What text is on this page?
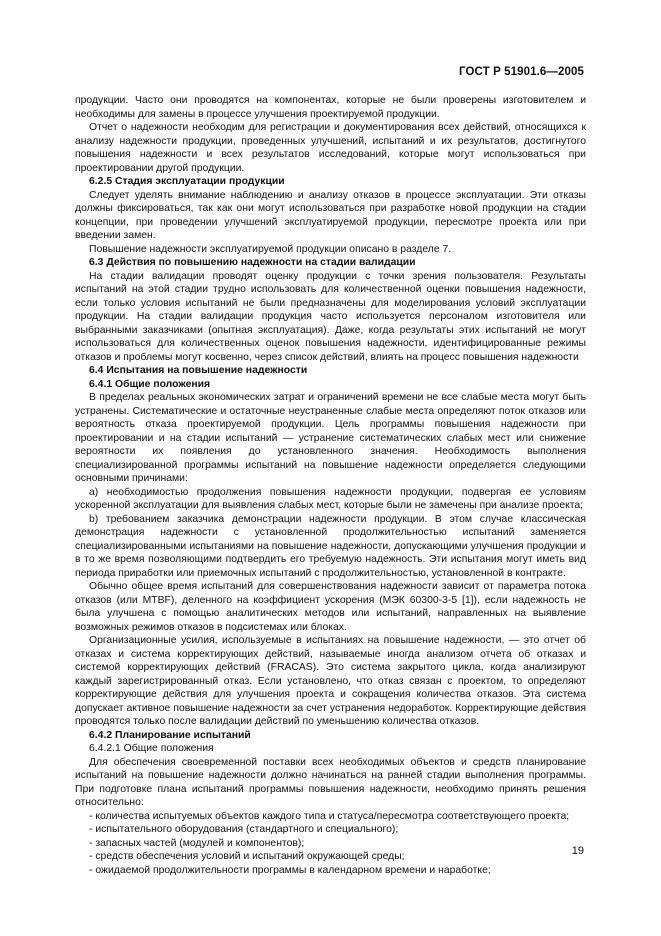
ГОСТ Р 51901.6—2005

продукции. Часто они проводятся на компонентах, которые не были проверены изготовителем и необходимы для замены в процессе улучшения проектируемой продукции.

Отчет о надежности необходим для регистрации и документирования всех действий, относящихся к анализу надежности продукции, проведенных улучшений, испытаний и их результатов, достигнутого повышения надежности и всех результатов исследований, которые могут использоваться при проектировании другой продукции.

6.2.5 Стадия эксплуатации продукции

Следует уделять внимание наблюдению и анализу отказов в процессе эксплуатации. Эти отказы должны фиксироваться, так как они могут использоваться при разработке новой продукции на стадии концепции, при проведении улучшений эксплуатируемой продукции, пересмотре проекта или при введении замен.

Повышение надежности эксплуатируемой продукции описано в разделе 7.

6.3 Действия по повышению надежности на стадии валидации

На стадии валидации проводят оценку продукции с точки зрения пользователя. Результаты испытаний на этой стадии трудно использовать для количественной оценки повышения надежности, если только условия испытаний не были предназначены для моделирования условий эксплуатации продукции. На стадии валидации продукция часто используется персоналом изготовителя или выбранными заказчиками (опытная эксплуатация). Даже, когда результаты этих испытаний не могут использоваться для количественных оценок повышения надежности, идентифицированные режимы отказов и проблемы могут косвенно, через список действий, влиять на процесс повышения надежности

6.4 Испытания на повышение надежности

6.4.1 Общие положения

В пределах реальных экономических затрат и ограничений времени не все слабые места могут быть устранены. Систематические и остаточные неустраненные слабые места определяют поток отказов или вероятность отказа проектируемой продукции. Цель программы повышения надежности при проектировании и на стадии испытаний — устранение систематических слабых мест или снижение вероятности их появления до установленного значения. Необходимость выполнения специализированной программы испытаний на повышение надежности определяется следующими основными причинами:

а) необходимостью продолжения повышения надежности продукции, подвергая ее условиям ускоренной эксплуатации для выявления слабых мест, которые были не замечены при анализе проекта;

b) требованием заказчика демонстрации надежности продукции. В этом случае классическая демонстрация надежности с установленной продолжительностью испытаний заменяется специализированными испытаниями на повышение надежности, допускающими улучшения продукции и в то же время позволяющими подтвердить его требуемую надежность. Эти испытания могут иметь вид периода приработки или приемочных испытаний с продолжительностью, установленной в контракте.

Обычно общее время испытаний для совершенствования надежности зависит от параметра потока отказов (или МТBF), деленного на коэффициент ускорения (МЭК 60300-3-5 [1]), если надежность не была улучшена с помощью аналитических методов или испытаний, направленных на выявление возможных режимов отказов в подсистемах или блоках.

Организационные усилия, используемые в испытаниях на повышение надежности, — это отчет об отказах и система корректирующих действий, называемые иногда анализом отчета об отказах и системой корректирующих действий (FRACAS). Это система закрытого цикла, когда анализируют каждый зарегистрированный отказ. Если установлено, что отказ связан с проектом, то определяют корректирующие действия для улучшения проекта и сокращения количества отказов. Эта система допускает активное повышение надежности за счет устранения недоработок. Корректирующие действия проводятся только после валидации действий по уменьшению количества отказов.

6.4.2 Планирование испытаний

6.4.2.1 Общие положения

Для обеспечения своевременной поставки всех необходимых объектов и средств планирование испытаний на повышение надежности должно начинаться на ранней стадии выполнения программы. При подготовке плана испытаний программы повышения надежности, необходимо принять решения относительно:

- количества испытуемых объектов каждого типа и статуса/пересмотра соответствующего проекта;

- испытательного оборудования (стандартного и специального);

- запасных частей (модулей и компонентов);

- средств обеспечения условий и испытаний окружающей среды;

- ожидаемой продолжительности программы в календарном времени и наработке;

19
